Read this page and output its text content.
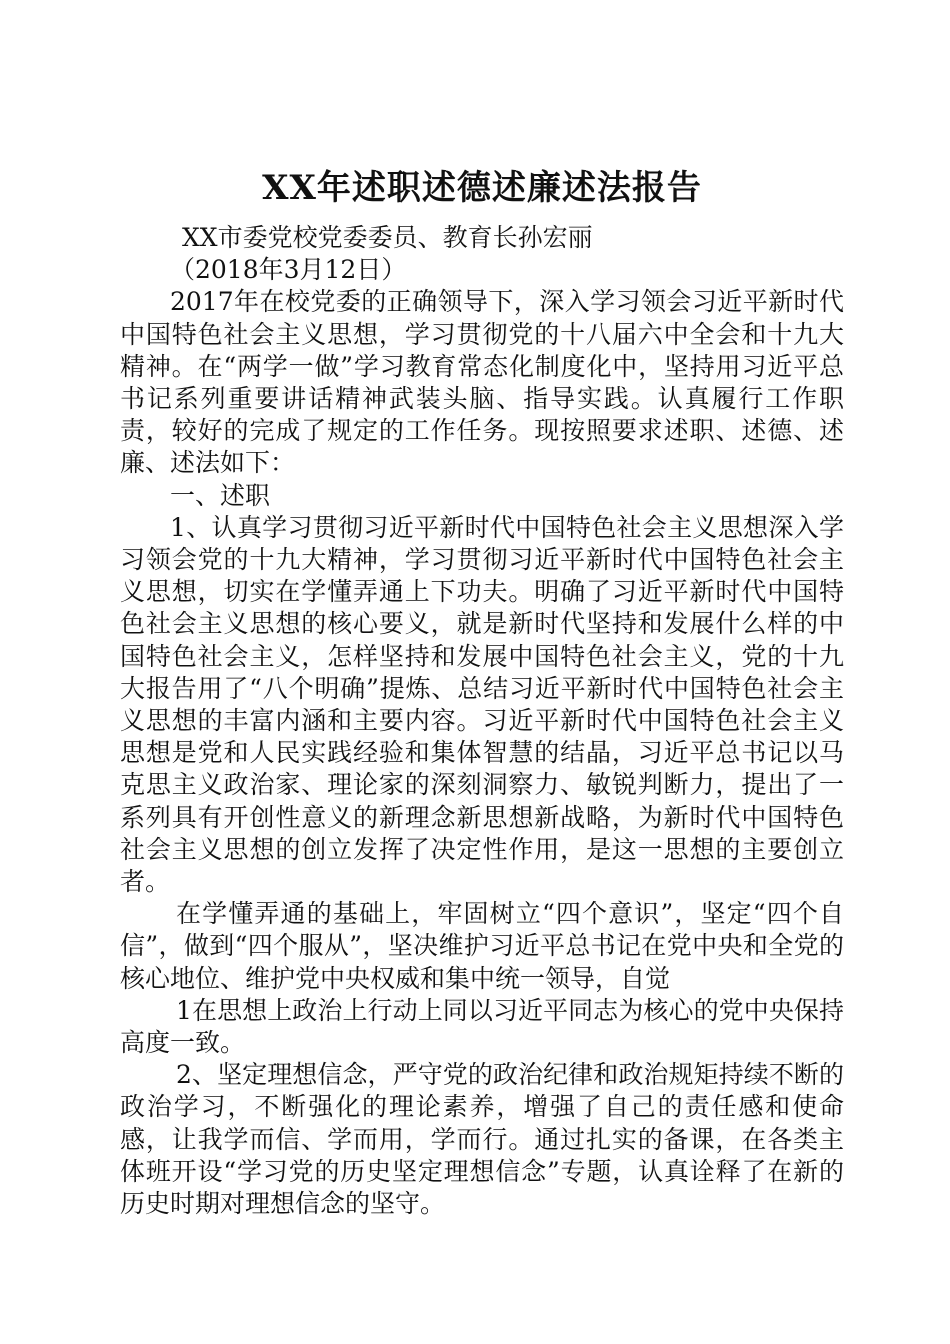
XX年述职述德述廉述法报告

XX市委党校党委委员、教育长孙宏丽

（2018年3月12日）

2017年在校党委的正确领导下，深入学习领会习近平新时代中国特色社会主义思想，学习贯彻党的十八届六中全会和十九大精神。在“两学一做”学习教育常态化制度化中，坚持用习近平总书记系列重要讲话精神武装头脑、指导实践。认真履行工作职责，较好的完成了规定的工作任务。现按照要求述职、述德、述廉、述法如下：

一、述职

1、认真学习贯彻习近平新时代中国特色社会主义思想深入学习领会党的十九大精神，学习贯彻习近平新时代中国特色社会主义思想，切实在学懂弄通上下功夫。明确了习近平新时代中国特色社会主义思想的核心要义，就是新时代坚持和发展什么样的中国特色社会主义，怎样坚持和发展中国特色社会主义，党的十九大报告用了“八个明确”提炼、总结习近平新时代中国特色社会主义思想的丰富内涵和主要内容。习近平新时代中国特色社会主义思想是党和人民实践经验和集体智慧的结晶，习近平总书记以马克思主义政治家、理论家的深刻洞察力、敏锐判断力，提出了一系列具有开创性意义的新理念新思想新战略，为新时代中国特色社会主义思想的创立发挥了决定性作用，是这一思想的主要创立者。

在学懂弄通的基础上，牢固树立“四个意识”，坚定“四个自信”，做到“四个服从”，坚决维护习近平总书记在党中央和全党的核心地位、维护党中央权威和集中统一领导，自觉

1在思想上政治上行动上同以习近平同志为核心的党中央保持高度一致。

2、坚定理想信念，严守党的政治纪律和政治规矩持续不断的政治学习，不断强化的理论素养，增强了自己的责任感和使命感，让我学而信、学而用，学而行。通过扎实的备课，在各类主体班开设“学习党的历史坚定理想信念”专题，认真诠释了在新的历史时期对理想信念的坚守。
